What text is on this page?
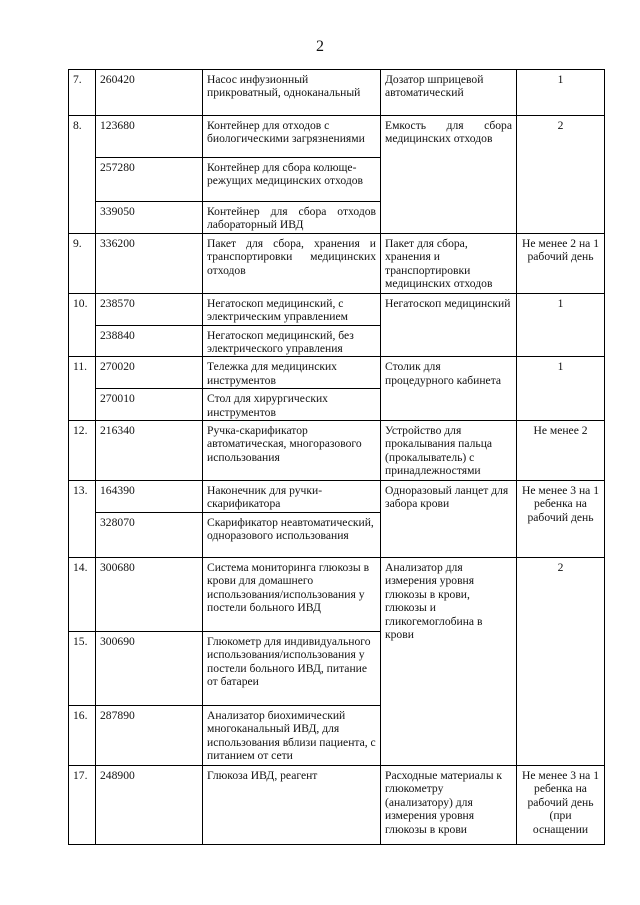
2
7.	260420	Насос инфузионный прикроватный, одноканальный	Дозатор шприцевой автоматический	1
8.	123680	Контейнер для отходов с биологическими загрязнениями	Емкость для сбора медицинских отходов	2
	257280	Контейнер для сбора колюще-режущих медицинских отходов		
	339050	Контейнер для сбора отходов лабораторный ИВД		
9.	336200	Пакет для сбора, хранения и транспортировки медицинских отходов	Пакет для сбора, хранения и транспортировки медицинских отходов	Не менее 2 на 1 рабочий день
10.	238570	Негатоскоп медицинский, с электрическим управлением	Негатоскоп медицинский	1
	238840	Негатоскоп медицинский, без электрического управления		
11.	270020	Тележка для медицинских инструментов	Столик для процедурного кабинета	1
	270010	Стол для хирургических инструментов		
12.	216340	Ручка-скарификатор автоматическая, многоразового использования	Устройство для прокалывания пальца (прокалыватель) с принадлежностями	Не менее 2
13.	164390	Наконечник для ручки-скарификатора	Одноразовый ланцет для забора крови	Не менее 3 на 1 ребенка на рабочий день
	328070	Скарификатор неавтоматический, одноразового использования		
14.	300680	Система мониторинга глюкозы в крови для домашнего использования/использования у постели больного ИВД	Анализатор для измерения уровня глюкозы в крови, глюкозы и гликогемоглобина в крови	2
15.	300690	Глюкометр для индивидуального использования/использования у постели больного ИВД, питание от батареи		
16.	287890	Анализатор биохимический многоканальный ИВД, для использования вблизи пациента, с питанием от сети		
17.	248900	Глюкоза ИВД, реагент	Расходные материалы к глюкометру (анализатору) для измерения уровня глюкозы в крови	Не менее 3 на 1 ребенка на рабочий день (при оснащении
